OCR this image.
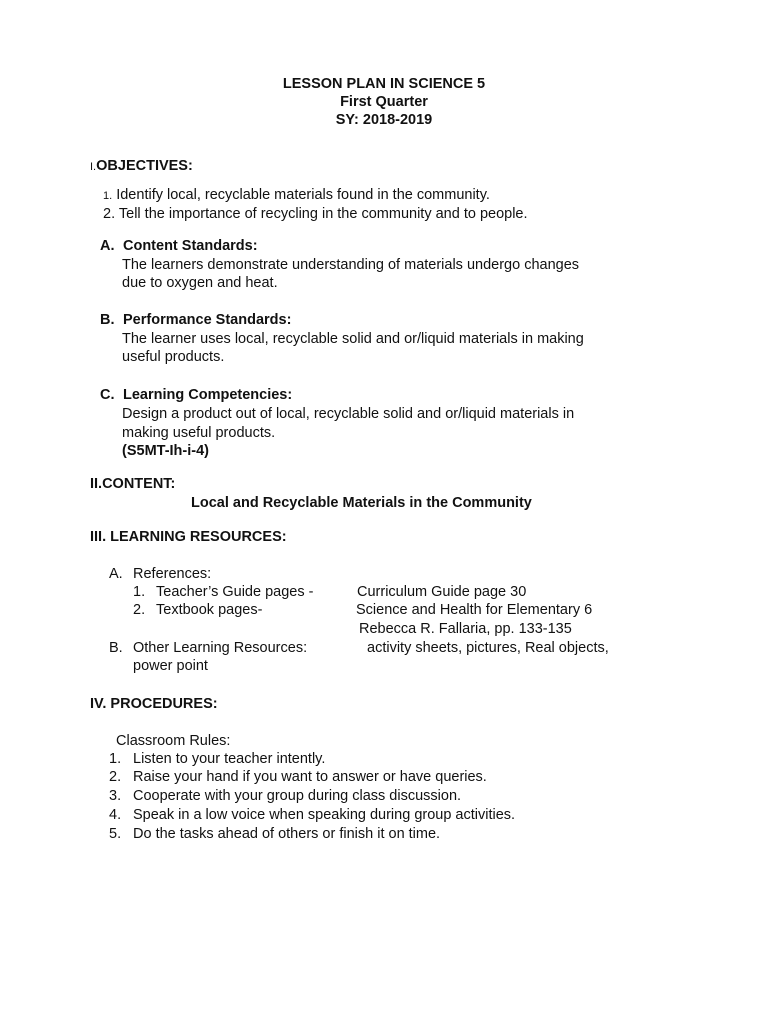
LESSON PLAN IN SCIENCE 5
First Quarter
SY: 2018-2019
I.OBJECTIVES:
1. Identify local, recyclable materials found in the community.
2. Tell the importance of recycling in the community and to people.
A. Content Standards:
The learners demonstrate understanding of materials undergo changes
due to oxygen and heat.
B. Performance Standards:
The learner uses local, recyclable solid and or/liquid materials in making
useful products.
C. Learning Competencies:
Design a product out of local, recyclable solid and or/liquid materials in
making useful products.
(S5MT-Ih-i-4)
II.CONTENT:
Local and Recyclable Materials in the Community
III. LEARNING RESOURCES:
A. References:
1. Teacher’s Guide pages -	Curriculum Guide page 30
2. Textbook pages-	Science and Health for Elementary 6
Rebecca R. Fallaria, pp. 133-135
B. Other Learning Resources:	activity sheets, pictures, Real objects,
power point
IV. PROCEDURES:
Classroom Rules:
1. Listen to your teacher intently.
2. Raise your hand if you want to answer or have queries.
3. Cooperate with your group during class discussion.
4. Speak in a low voice when speaking during group activities.
5. Do the tasks ahead of others or finish it on time.
